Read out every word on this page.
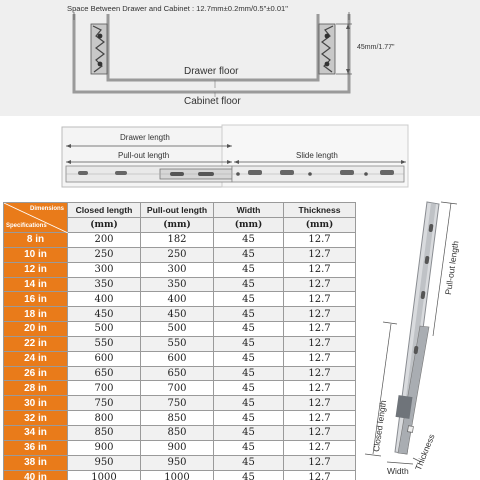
Space Between Drawer and Cabinet : 12.7mm±0.2mm/0.5"±0.01"
Drawer floor
Cabinet floor
45mm/1.77"
Drawer length
Pull-out length	Slide length
Dimensions
Specifications	Closed length	Pull-out length	Width	Thickness
	(mm)	(mm)	(mm)	(mm)
8 in	200	182	45	12.7
10 in	250	250	45	12.7
12 in	300	300	45	12.7
14 in	350	350	45	12.7
16 in	400	400	45	12.7
18 in	450	450	45	12.7
20 in	500	500	45	12.7
22 in	550	550	45	12.7
24 in	600	600	45	12.7
26 in	650	650	45	12.7
28 in	700	700	45	12.7
30 in	750	750	45	12.7
32 in	800	850	45	12.7
34 in	850	850	45	12.7
36 in	900	900	45	12.7
38 in	950	950	45	12.7
40 in	1000	1000	45	12.7
Pull-out length
Closed length	Thickness
Width
